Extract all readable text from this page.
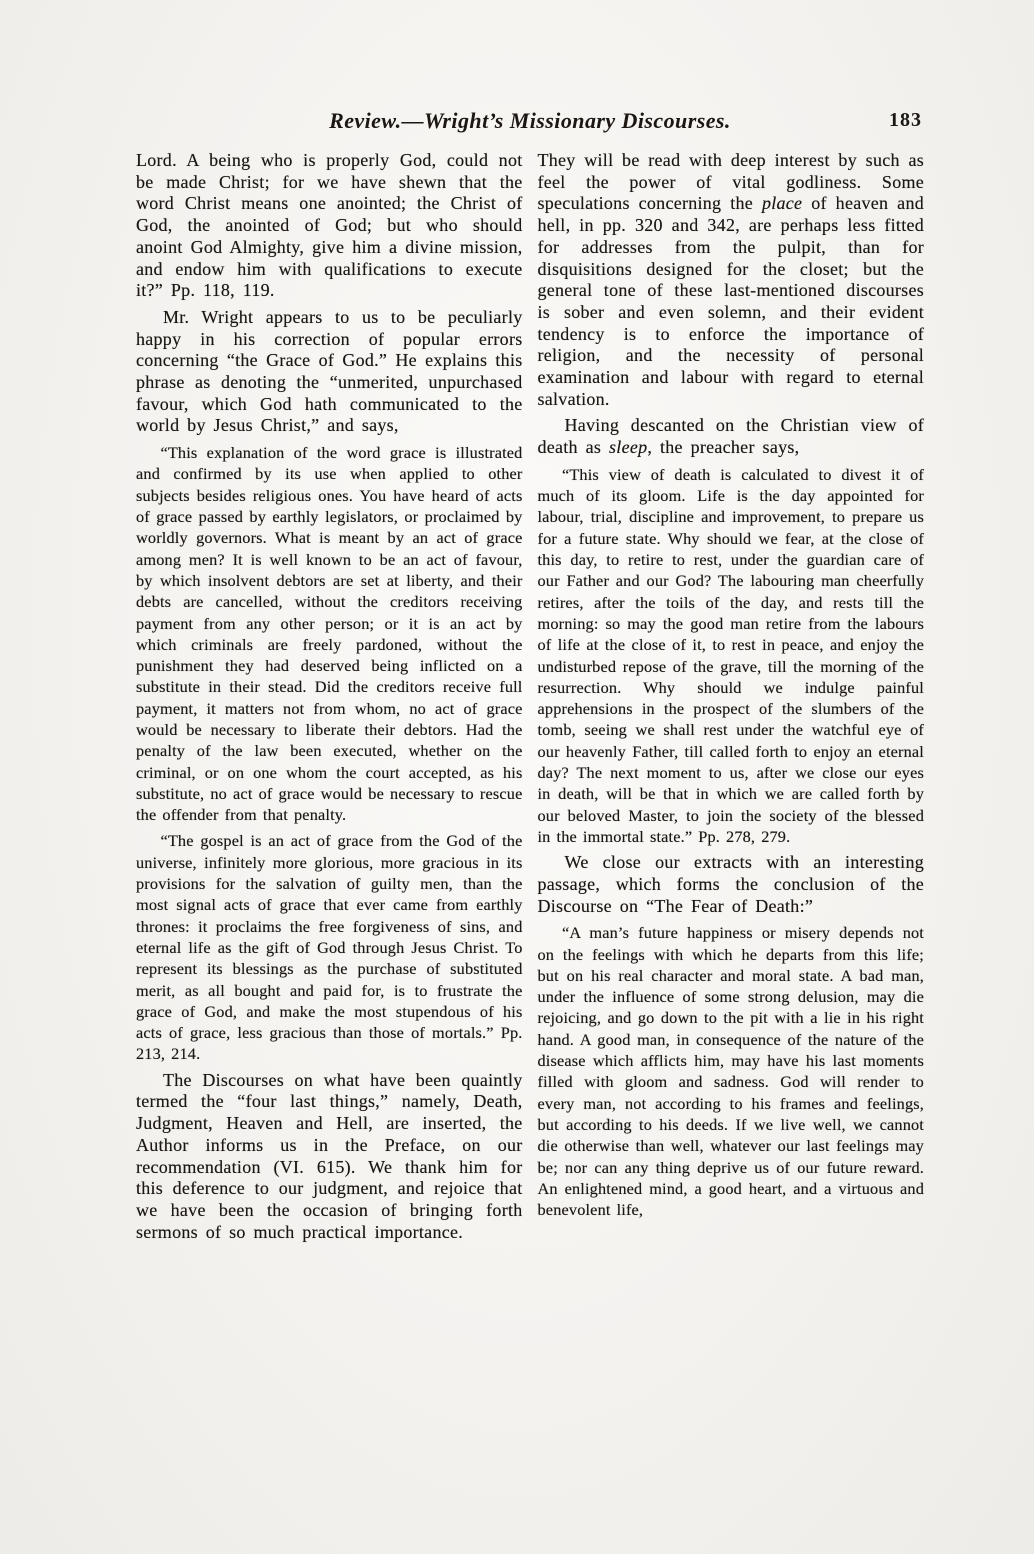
Review.—Wright’s Missionary Discourses.	183

Lord. A being who is properly God, could not be made Christ; for we have shewn that the word Christ means one anointed; the Christ of God, the anointed of God; but who should anoint God Almighty, give him a divine mission, and endow him with qualifications to execute it?” Pp. 118, 119.

Mr. Wright appears to us to be peculiarly happy in his correction of popular errors concerning “the Grace of God.” He explains this phrase as denoting the “unmerited, unpurchased favour, which God hath communicated to the world by Jesus Christ,” and says,

“This explanation of the word grace is illustrated and confirmed by its use when applied to other subjects besides religious ones. You have heard of acts of grace passed by earthly legislators, or proclaimed by worldly governors. What is meant by an act of grace among men? It is well known to be an act of favour, by which insolvent debtors are set at liberty, and their debts are cancelled, without the creditors receiving payment from any other person; or it is an act by which criminals are freely pardoned, without the punishment they had deserved being inflicted on a substitute in their stead. Did the creditors receive full payment, it matters not from whom, no act of grace would be necessary to liberate their debtors. Had the penalty of the law been executed, whether on the criminal, or on one whom the court accepted, as his substitute, no act of grace would be necessary to rescue the offender from that penalty.

“The gospel is an act of grace from the God of the universe, infinitely more glorious, more gracious in its provisions for the salvation of guilty men, than the most signal acts of grace that ever came from earthly thrones: it proclaims the free forgiveness of sins, and eternal life as the gift of God through Jesus Christ. To represent its blessings as the purchase of substituted merit, as all bought and paid for, is to frustrate the grace of God, and make the most stupendous of his acts of grace, less gracious than those of mortals.” Pp. 213, 214.

The Discourses on what have been quaintly termed the “four last things,” namely, Death, Judgment, Heaven and Hell, are inserted, the Author informs us in the Preface, on our recommendation (VI. 615). We thank him for this deference to our judgment, and rejoice that we have been the occasion of bringing forth sermons of so much practical importance.

They will be read with deep interest by such as feel the power of vital godliness. Some speculations concerning the place of heaven and hell, in pp. 320 and 342, are perhaps less fitted for addresses from the pulpit, than for disquisitions designed for the closet; but the general tone of these last-mentioned discourses is sober and even solemn, and their evident tendency is to enforce the importance of religion, and the necessity of personal examination and labour with regard to eternal salvation.

Having descanted on the Christian view of death as sleep, the preacher says,

“This view of death is calculated to divest it of much of its gloom. Life is the day appointed for labour, trial, discipline and improvement, to prepare us for a future state. Why should we fear, at the close of this day, to retire to rest, under the guardian care of our Father and our God? The labouring man cheerfully retires, after the toils of the day, and rests till the morning: so may the good man retire from the labours of life at the close of it, to rest in peace, and enjoy the undisturbed repose of the grave, till the morning of the resurrection. Why should we indulge painful apprehensions in the prospect of the slumbers of the tomb, seeing we shall rest under the watchful eye of our heavenly Father, till called forth to enjoy an eternal day? The next moment to us, after we close our eyes in death, will be that in which we are called forth by our beloved Master, to join the society of the blessed in the immortal state.” Pp. 278, 279.

We close our extracts with an interesting passage, which forms the conclusion of the Discourse on “The Fear of Death:”

“A man’s future happiness or misery depends not on the feelings with which he departs from this life; but on his real character and moral state. A bad man, under the influence of some strong delusion, may die rejoicing, and go down to the pit with a lie in his right hand. A good man, in consequence of the nature of the disease which afflicts him, may have his last moments filled with gloom and sadness. God will render to every man, not according to his frames and feelings, but according to his deeds. If we live well, we cannot die otherwise than well, whatever our last feelings may be; nor can any thing deprive us of our future reward. An enlightened mind, a good heart, and a virtuous and benevolent life,
